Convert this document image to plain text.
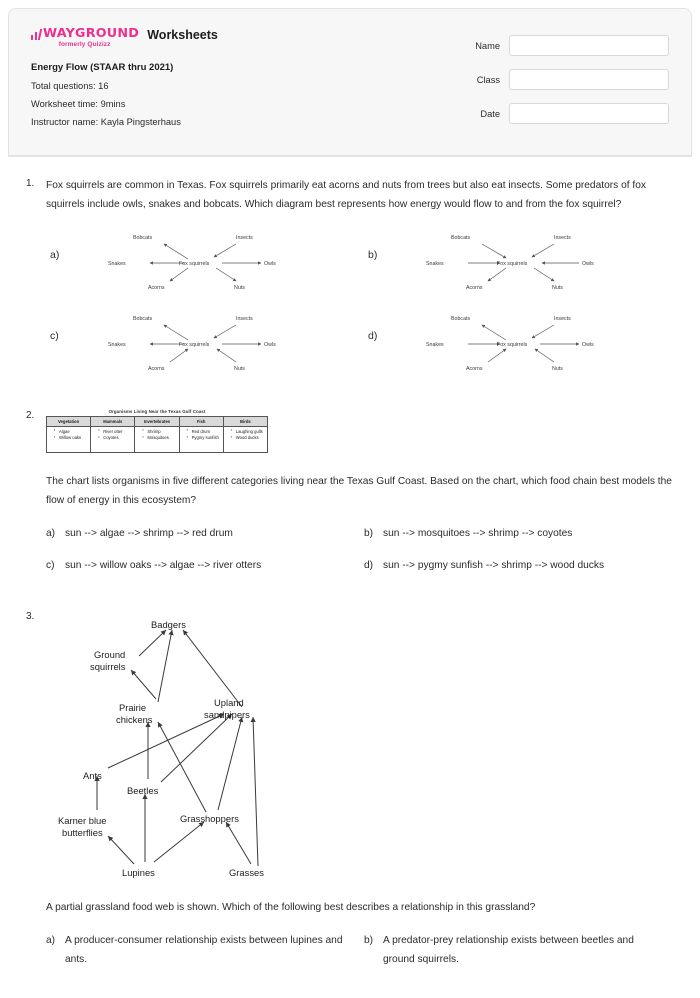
WAYGROUND
formerly Quizizz
Worksheets
Energy Flow (STAAR thru 2021)
Total questions: 16
Worksheet time: 9mins
Instructor name: Kayla Pingsterhaus
Name
Class
Date
1.	Fox squirrels are common in Texas. Fox squirrels primarily eat acorns and nuts from trees but also eat insects. Some predators of fox squirrels include owls, snakes and bobcats. Which diagram best represents how energy would flow to and from the fox squirrel?
a)
Bobcats	Insects
Snakes	Fox squirrels	Owls
Acorns	Nuts
b)
Bobcats	Insects
Snakes	Fox squirrels	Owls
Acorns	Nuts
c)
Bobcats	Insects
Snakes	Fox squirrels	Owls
Acorns	Nuts
d)
Bobcats	Insects
Snakes	Fox squirrels	Owls
Acorns	Nuts
2.	Organisms Living Near the Texas Gulf Coast
Vegetation	Mammals	Invertebrates	Fish	Birds

▪ Algae
▪ Willow oaks

▪ River otter
▪ Coyotes

▪ Shrimp
▪ Mosquitoes

▪ Red drum
▪ Pygmy sunfish

▪ Laughing gulls
▪ Wood ducks
The chart lists organisms in five different categories living near the Texas Gulf Coast. Based on the chart, which food chain best models the flow of energy in this ecosystem?
a) sun --> algae --> shrimp --> red drum	b) sun --> mosquitoes --> shrimp --> coyotes
c)	sun --> willow oaks --> algae --> river otters	d) sun --> pygmy sunfish --> shrimp --> wood ducks
3.
Badgers
Ground
squirrels
Prairie
chickens
Upland
sandpipers
Ants
Beetles
Karner blue
butterflies
Grasshoppers
Lupines	Grasses
A partial grassland food web is shown. Which of the following best describes a relationship in this grassland?
a) A producer-consumer relationship exists between lupines and ants.
b) A predator-prey relationship exists between beetles and ground squirrels.
